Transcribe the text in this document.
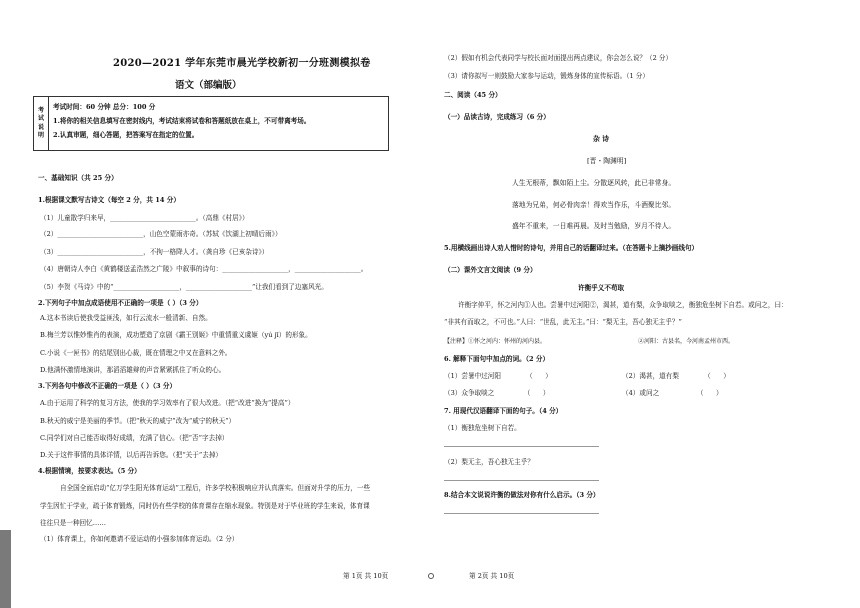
2020—2021 学年东莞市晨光学校新初一分班测模拟卷
语文（部编版）
考
试
说
明
考试时间：60 分钟 总分：100 分
1.将你的相关信息填写在密封线内，考试结束将试卷和答题纸放在桌上，不可带离考场。
2.认真审题，细心答题，把答案写在指定的位置。
一、基础知识（共 25 分）
1.根据课文默写古诗文（每空 2 分，共 14 分）
（1）儿童散学归来早，__________________________。（高鼎《村居》）
（2）__________________________，山色空蒙雨亦奇。（苏轼《饮湖上初晴后雨》）
（3）__________________________，不拘一格降人才。（龚自珍《已亥杂诗》）
（4）唐朝诗人李白《黄鹤楼送孟浩然之广陵》中叙事的诗句：____________________，____________________。
（5）李贺《马诗》中的“____________________，____________________”让我们看到了边塞风光。
2.下列句子中加点成语使用不正确的一项是（ ）（3 分）
A.这本书读后使我受益匪浅，如行云流水一般清新、自然。
B.梅兰芳以惟妙惟肖的表演，成功塑造了京剧《霸王别姬》中重情重义虞姬（yú jī）的形象。
C.小说《一匣书》的结尾别出心裁，既在情理之中又在意料之外。
D.他满怀激情地演讲，那滔滔雄辩的声音紧紧抓住了听众的心。
3.下列各句中修改不正确的一项是（ ）（3 分）
A.由于运用了科学的复习方法，使我的学习效率有了很大改进。（把“改进”换为“提高”）
B.秋天的威宁是美丽的季节。（把“秋天的威宁”改为“威宁的秋天”）
C.同学们对自己能否取得好成绩，充满了信心。（把“否”字去掉）
D.关于这件事情的具体详情，以后再告诉您。（把“关于”去掉）
4.根据情境，按要求表达。（5 分）
自全国全面启动“亿万学生阳光体育运动”工程后，许多学校积极响应并认真落实。但面对升学的压力，一些
学生因忙于学业，疏于体育锻炼，同时仍有些学校的体育课存在缩水现象。特别是对于毕业班的学生来说，体育课
往往只是一种回忆……
（1）体育课上，你如何邀请不爱运动的小强参加体育运动。（2 分）
（2）假如有机会代表同学与校长面对面提出两点建议，你会怎么说？（2 分）
（3）请你拟写一则鼓励大家参与运动，锻炼身体的宣传标语。（1 分）
二、阅读（45 分）
（一）品读古诗，完成练习（6 分）
杂 诗
[晋・陶渊明]
人生无根蒂，飘如陌上尘。分散逐风转，此已非常身。
落地为兄弟，何必骨肉亲！得欢当作乐，斗酒聚比邻。
盛年不重来，一日难再晨。及时当勉励，岁月不待人。
5.用横线画出诗人劝人惜时的诗句，并用自己的话翻译过来。（在答题卡上摘抄画线句）
（二）课外文言文阅读（9 分）
许衡乎义不苟取
许衡字仲平，怀之河内①人也。尝暑中过河阳②，渴甚，道有梨，众争取啖之，衡独危坐树下自若。或问之，曰：
“非其有而取之，不可也。”人曰：“世乱，此无主。”曰：“梨无主，吾心独无主乎？”
【注释】①怀之河内：怀州的河内县。	②河阳：古县名，今河南孟州市西。
6. 解释下面句中加点的词。（2 分）
（1）尝暑中过河阳            （      ）	（2）渴甚，道有梨            （      ）
（3）众争取啖之              （      ）	（4）或问之                  （      ）
7. 用现代汉语翻译下面的句子。（4 分）
（1）衡独危坐树下自若。
（2）梨无主，吾心独无主乎？
8.结合本文说说许衡的做法对你有什么启示。（3 分）
第 1页 共 10页	第 2页 共 10页
